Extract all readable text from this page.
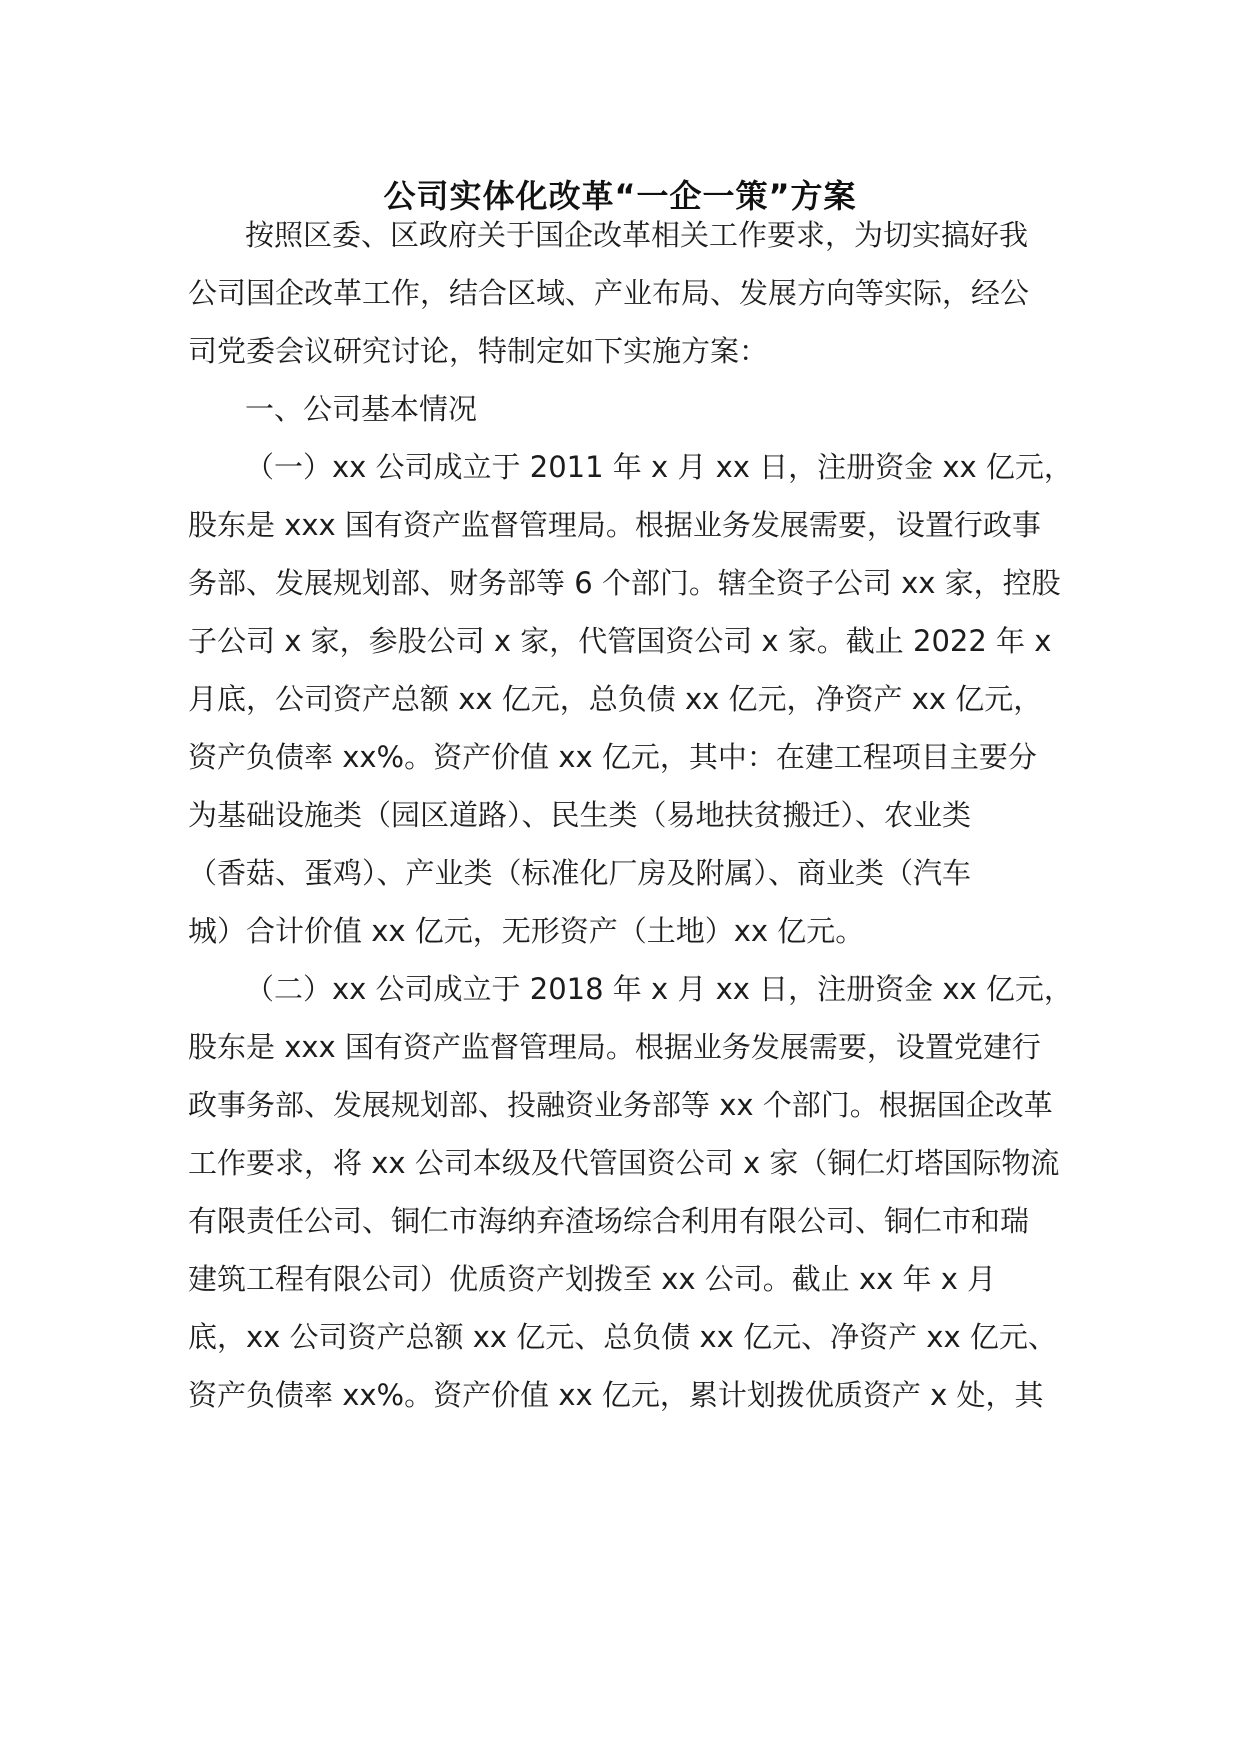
公司实体化改革“一企一策”方案
按照区委、区政府关于国企改革相关工作要求，为切实搞好我
公司国企改革工作，结合区域、产业布局、发展方向等实际，经公
司党委会议研究讨论，特制定如下实施方案：
一、公司基本情况
（一）xx 公司成立于 2011 年 x 月 xx 日，注册资金 xx 亿元，
股东是 xxx 国有资产监督管理局。根据业务发展需要，设置行政事
务部、发展规划部、财务部等 6 个部门。辖全资子公司 xx 家，控股
子公司 x 家，参股公司 x 家，代管国资公司 x 家。截止 2022 年 x
月底，公司资产总额 xx 亿元，总负债 xx 亿元，净资产 xx 亿元，
资产负债率 xx%。资产价值 xx 亿元，其中：在建工程项目主要分
为基础设施类（园区道路）、民生类（易地扶贫搬迁）、农业类
（香菇、蛋鸡）、产业类（标准化厂房及附属）、商业类（汽车
城）合计价值 xx 亿元，无形资产（土地）xx 亿元。
（二）xx 公司成立于 2018 年 x 月 xx 日，注册资金 xx 亿元，
股东是 xxx 国有资产监督管理局。根据业务发展需要，设置党建行
政事务部、发展规划部、投融资业务部等 xx 个部门。根据国企改革
工作要求，将 xx 公司本级及代管国资公司 x 家（铜仁灯塔国际物流
有限责任公司、铜仁市海纳弃渣场综合利用有限公司、铜仁市和瑞
建筑工程有限公司）优质资产划拨至 xx 公司。截止 xx 年 x 月
底，xx 公司资产总额 xx 亿元、总负债 xx 亿元、净资产 xx 亿元、
资产负债率 xx%。资产价值 xx 亿元，累计划拨优质资产 x 处，其
